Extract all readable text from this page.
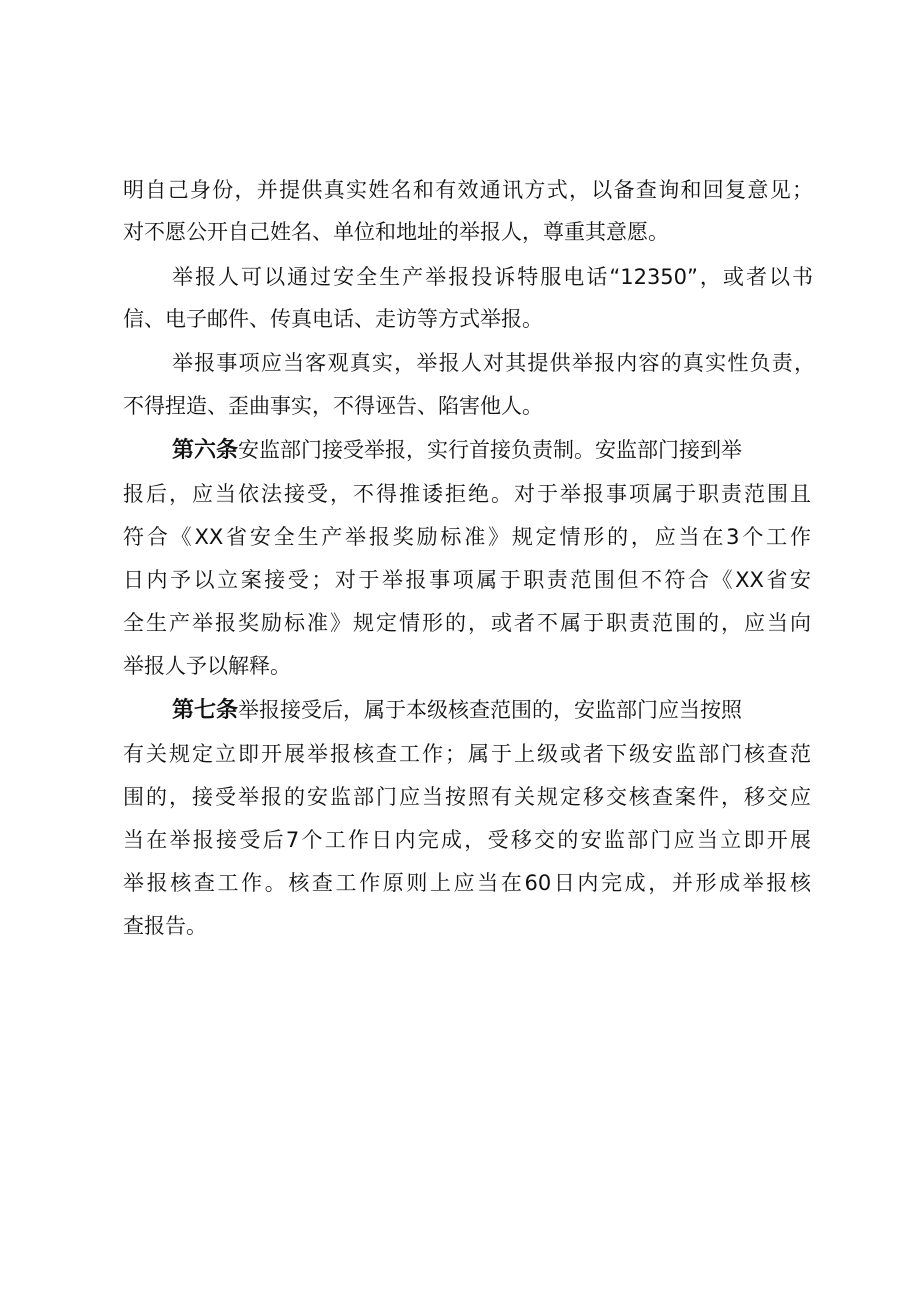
明自己身份，并提供真实姓名和有效通讯方式，以备查询和回复意见；
对不愿公开自己姓名、单位和地址的举报人，尊重其意愿。
举报人可以通过安全生产举报投诉特服电话“12350”，或者以书
信、电子邮件、传真电话、走访等方式举报。
举报事项应当客观真实，举报人对其提供举报内容的真实性负责，
不得捏造、歪曲事实，不得诬告、陷害他人。
第六条安监部门接受举报，实行首接负责制。安监部门接到举
报后，应当依法接受，不得推诿拒绝。对于举报事项属于职责范围且
符合《XX省安全生产举报奖励标准》规定情形的，应当在3个工作
日内予以立案接受；对于举报事项属于职责范围但不符合《XX省安
全生产举报奖励标准》规定情形的，或者不属于职责范围的，应当向
举报人予以解释。
第七条举报接受后，属于本级核查范围的，安监部门应当按照
有关规定立即开展举报核查工作；属于上级或者下级安监部门核查范
围的，接受举报的安监部门应当按照有关规定移交核查案件，移交应
当在举报接受后7个工作日内完成，受移交的安监部门应当立即开展
举报核查工作。核查工作原则上应当在60日内完成，并形成举报核
查报告。
